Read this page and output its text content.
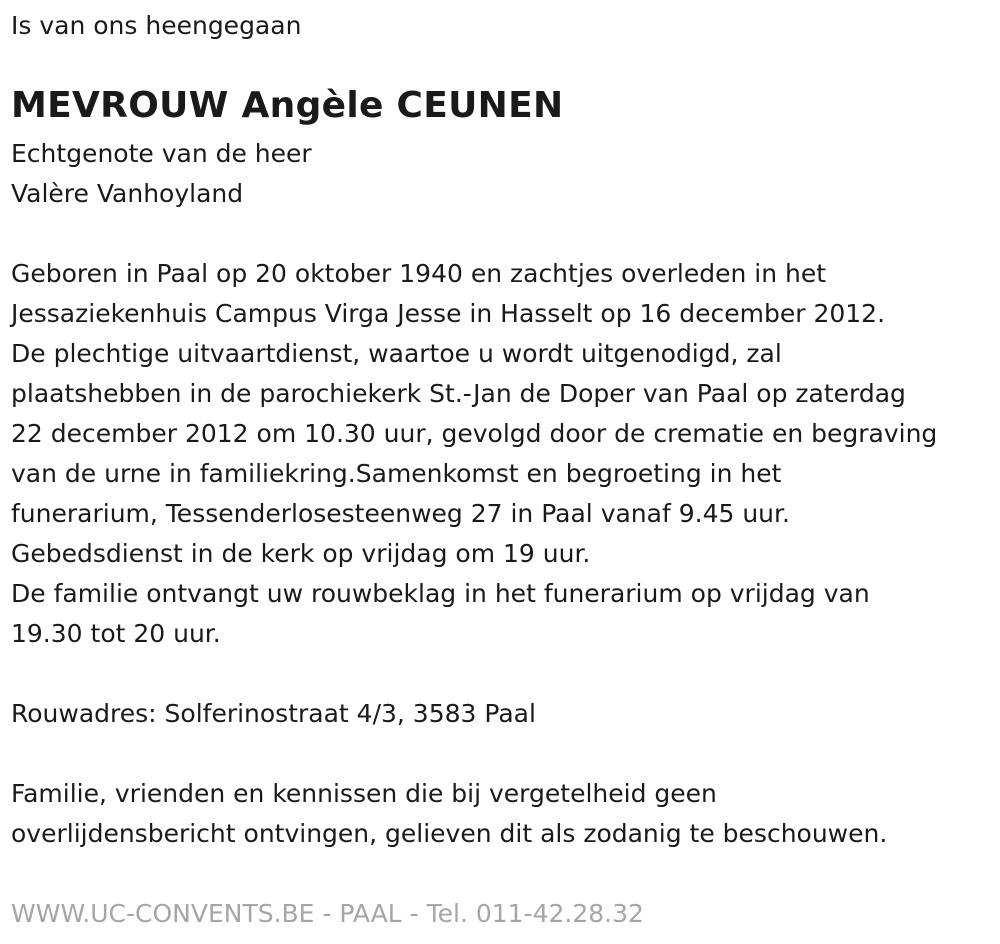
Is van ons heengegaan
MEVROUW Angèle CEUNEN
Echtgenote van de heer
Valère Vanhoyland
Geboren in Paal op 20 oktober 1940 en zachtjes overleden in het
Jessaziekenhuis Campus Virga Jesse in Hasselt op 16 december 2012.
De plechtige uitvaartdienst, waartoe u wordt uitgenodigd, zal
plaatshebben in de parochiekerk St.-Jan de Doper van Paal op zaterdag
22 december 2012 om 10.30 uur, gevolgd door de crematie en begraving
van de urne in familiekring.Samenkomst en begroeting in het
funerarium, Tessenderlosesteenweg 27 in Paal vanaf 9.45 uur.
Gebedsdienst in de kerk op vrijdag om 19 uur.
De familie ontvangt uw rouwbeklag in het funerarium op vrijdag van
19.30 tot 20 uur.
Rouwadres: Solferinostraat 4/3, 3583 Paal
Familie, vrienden en kennissen die bij vergetelheid geen
overlijdensbericht ontvingen, gelieven dit als zodanig te beschouwen.
WWW.UC-CONVENTS.BE - PAAL - Tel. 011-42.28.32
